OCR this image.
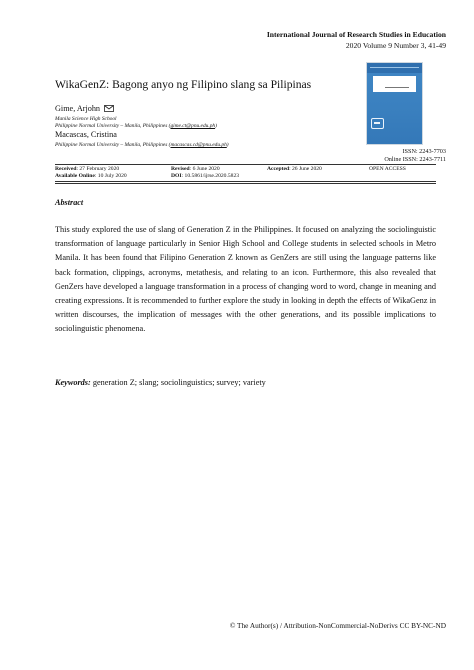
International Journal of Research Studies in Education
2020 Volume 9 Number 3, 41-49
WikaGenZ: Bagong anyo ng Filipino slang sa Pilipinas

Gime, Arjohn
Manila Science High School
Philippine Normal University – Manila, Philippines (gime.ct@pnu.edu.ph)
Macascas, Cristina
Philippine Normal University – Manila, Philippines (macascas.cd@pnu.edu.ph)
ISSN: 2243-7703
Online ISSN: 2243-7711
Received: 27 February 2020	Revised: 6 June 2020	Accepted: 26 June 2020	OPEN ACCESS
Available Online: 10 July 2020	DOI: 10.5861/ijrse.2020.5823
Abstract
This study explored the use of slang of Generation Z in the Philippines. It focused on analyzing the sociolinguistic transformation of language particularly in Senior High School and College students in selected schools in Metro Manila. It has been found that Filipino Generation Z known as GenZers are still using the language patterns like back formation, clippings, acronyms, metathesis, and relating to an icon. Furthermore, this also revealed that GenZers have developed a language transformation in a process of changing word to word, change in meaning and creating expressions. It is recommended to further explore the study in looking in depth the effects of WikaGenz in written discourses, the implication of messages with the other generations, and its possible implications to sociolinguistic phenomena.
Keywords: generation Z; slang; sociolinguistics; survey; variety
© The Author(s) / Attribution-NonCommercial-NoDerivs CC BY-NC-ND
